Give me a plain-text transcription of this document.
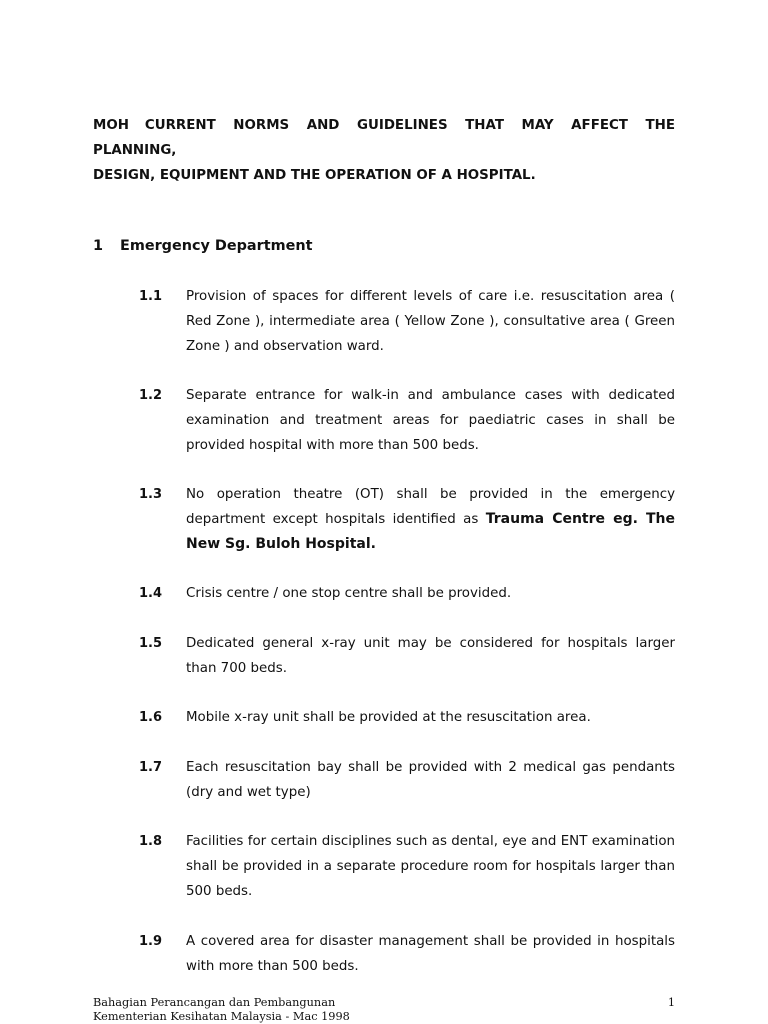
MOH CURRENT NORMS AND GUIDELINES THAT MAY AFFECT THE
PLANNING,
DESIGN, EQUIPMENT AND THE OPERATION OF A HOSPITAL.
1 Emergency Department
1.1	Provision of spaces for different levels of care i.e. resuscitation area ( Red Zone ), intermediate area ( Yellow Zone ), consultative area ( Green Zone ) and observation ward.

1.2	Separate entrance for walk-in and ambulance cases with dedicated examination and treatment areas for paediatric cases in shall be provided hospital with more than 500 beds.

1.3	No operation theatre (OT) shall be provided in the emergency department except hospitals identified as Trauma Centre eg. The New Sg. Buloh Hospital.

1.4	Crisis centre / one stop centre shall be provided.

1.5	Dedicated general x-ray unit may be considered for hospitals larger than 700 beds.

1.6	Mobile x-ray unit shall be provided at the resuscitation area.

1.7	Each resuscitation bay shall be provided with 2 medical gas pendants (dry and wet type)

1.8	Facilities for certain disciplines such as dental, eye and ENT examination shall be provided in a separate procedure room for hospitals larger than 500 beds.

1.9	A covered area for disaster management shall be provided in hospitals with more than 500 beds.

Bahagian Perancangan dan Pembangunan
Kementerian Kesihatan Malaysia - Mac 1998
1
